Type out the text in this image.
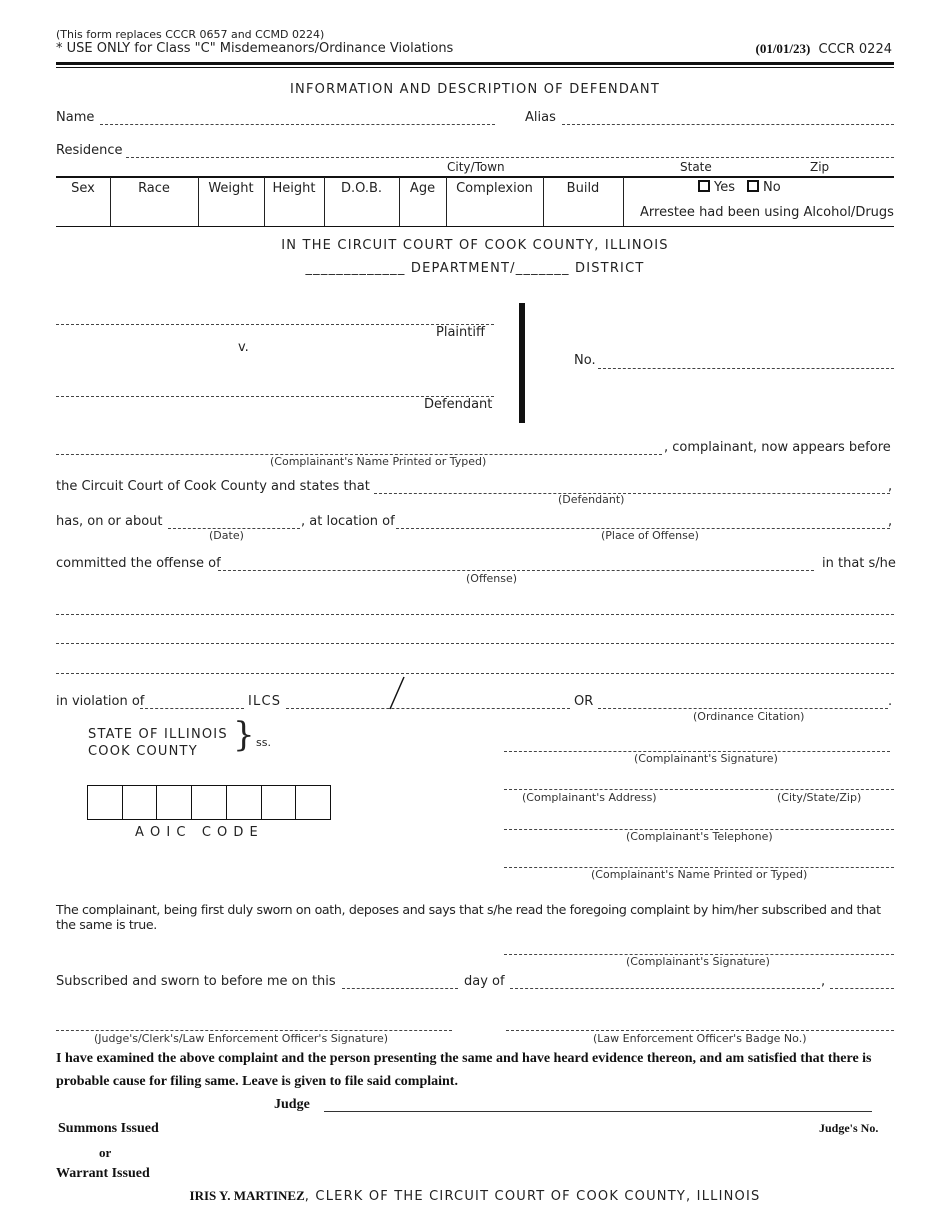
(This form replaces CCCR 0657 and CCMD 0224)
* USE ONLY for Class "C" Misdemeanors/Ordinance Violations	(01/01/23) CCCR 0224
INFORMATION AND DESCRIPTION OF DEFENDANT
Name	Alias
Residence
City/Town	State	Zip
Sex	Race	Weight	Height	D.O.B.	Age	Complexion	Build	Yes No
Arrestee had been using Alcohol/Drugs
IN THE CIRCUIT COURT OF COOK COUNTY, ILLINOIS
_____________ DEPARTMENT/_______ DISTRICT
Plaintiff
v.
Defendant
No.
, complainant, now appears before
(Complainant's Name Printed or Typed)
the Circuit Court of Cook County and states that	,
(Defendant)
has, on or about	, at location of	,
(Date)	(Place of Offense)
committed the offense of	in that s/he
(Offense)
in violation of	ILCS	OR	.
(Ordinance Citation)
STATE OF ILLINOIS
COOK COUNTY } ss.
A O I C   C O D E
(Complainant's Signature)
(Complainant's Address)	(City/State/Zip)
(Complainant's Telephone)
(Complainant's Name Printed or Typed)
The complainant, being first duly sworn on oath, deposes and says that s/he read the foregoing complaint by him/her subscribed and that the same is true.
(Complainant's Signature)
Subscribed and sworn to before me on this	day of	,
(Judge's/Clerk's/Law Enforcement Officer's Signature)	(Law Enforcement Officer's Badge No.)
I have examined the above complaint and the person presenting the same and have heard evidence thereon, and am satisfied that there is
probable cause for filing same. Leave is given to file said complaint.
Judge
Judge's No.
Summons Issued
or
Warrant Issued
IRIS Y. MARTINEZ, CLERK OF THE CIRCUIT COURT OF COOK COUNTY, ILLINOIS
